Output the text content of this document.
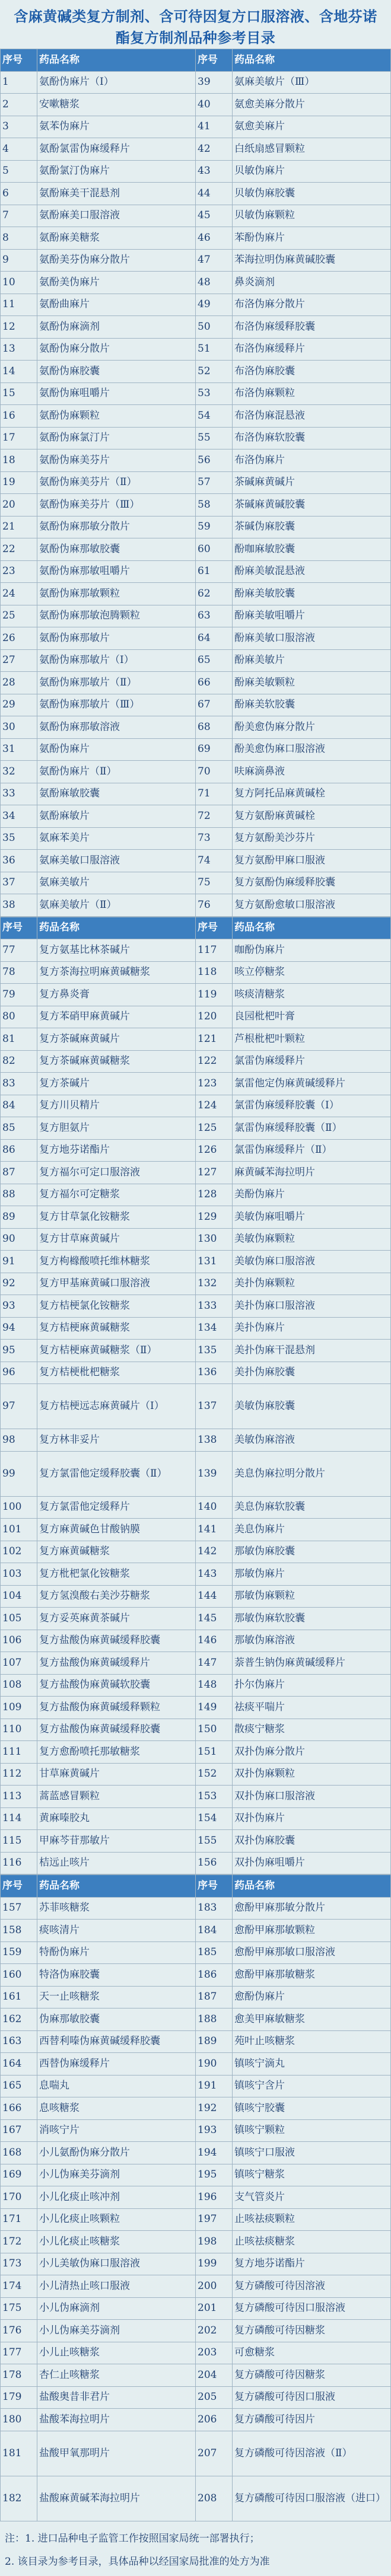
含麻黄碱类复方制剂、含可待因复方口服溶液、含地芬诺酯复方制剂品种参考目录
序号	药品名称	序号	药品名称
1	氨酚伪麻片（Ⅰ）	39	氨麻美敏片（Ⅲ）
2	安嗽糖浆	40	氨愈美麻分散片
3	氨苯伪麻片	41	氨愈美麻片
4	氨酚氯雷伪麻缓释片	42	白纸扇感冒颗粒
5	氨酚氯汀伪麻片	43	贝敏伪麻片
6	氨酚麻美干混悬剂	44	贝敏伪麻胶囊
7	氨酚麻美口服溶液	45	贝敏伪麻颗粒
8	氨酚麻美糖浆	46	苯酚伪麻片
9	氨酚美芬伪麻分散片	47	苯海拉明伪麻黄碱胶囊
10	氨酚美伪麻片	48	鼻炎滴剂
11	氨酚曲麻片	49	布洛伪麻分散片
12	氨酚伪麻滴剂	50	布洛伪麻缓释胶囊
13	氨酚伪麻分散片	51	布洛伪麻缓释片
14	氨酚伪麻胶囊	52	布洛伪麻胶囊
15	氨酚伪麻咀嚼片	53	布洛伪麻颗粒
16	氨酚伪麻颗粒	54	布洛伪麻混悬液
17	氨酚伪麻氯汀片	55	布洛伪麻软胶囊
18	氨酚伪麻美芬片	56	布洛伪麻片
19	氨酚伪麻美芬片（Ⅱ）	57	茶碱麻黄碱片
20	氨酚伪麻美芬片（Ⅲ）	58	茶碱麻黄碱胶囊
21	氨酚伪麻那敏分散片	59	茶碱伪麻胶囊
22	氨酚伪麻那敏胶囊	60	酚咖麻敏胶囊
23	氨酚伪麻那敏咀嚼片	61	酚麻美敏混悬液
24	氨酚伪麻那敏颗粒	62	酚麻美敏胶囊
25	氨酚伪麻那敏泡腾颗粒	63	酚麻美敏咀嚼片
26	氨酚伪麻那敏片	64	酚麻美敏口服溶液
27	氨酚伪麻那敏片（Ⅰ）	65	酚麻美敏片
28	氨酚伪麻那敏片（Ⅱ）	66	酚麻美敏颗粒
29	氨酚伪麻那敏片（Ⅲ）	67	酚麻美软胶囊
30	氨酚伪麻那敏溶液	68	酚美愈伪麻分散片
31	氨酚伪麻片	69	酚美愈伪麻口服溶液
32	氨酚伪麻片（Ⅱ）	70	呋麻滴鼻液
33	氨酚麻敏胶囊	71	复方阿托品麻黄碱栓
34	氨酚麻敏片	72	复方氨酚麻黄碱栓
35	氨麻苯美片	73	复方氨酚美沙芬片
36	氨麻美敏口服溶液	74	复方氨酚甲麻口服液
37	氨麻美敏片	75	复方氨酚伪麻缓释胶囊
38	氨麻美敏片（Ⅱ）	76	复方氨酚愈敏口服溶液
序号	药品名称	序号	药品名称
77	复方氨基比林茶碱片	117	咖酚伪麻片
78	复方茶海拉明麻黄碱糖浆	118	咳立停糖浆
79	复方鼻炎膏	119	咳痰清糖浆
80	复方苯硝甲麻黄碱片	120	良园枇杷叶膏
81	复方茶碱麻黄碱片	121	芦根枇杷叶颗粒
82	复方茶碱麻黄碱糖浆	122	氯雷伪麻缓释片
83	复方茶碱片	123	氯雷他定伪麻黄碱缓释片
84	复方川贝精片	124	氯雷伪麻缓释胶囊（Ⅰ）
85	复方胆氨片	125	氯雷伪麻缓释胶囊（Ⅱ）
86	复方地芬诺酯片	126	氯雷伪麻缓释片（Ⅱ）
87	复方福尔可定口服溶液	127	麻黄碱苯海拉明片
88	复方福尔可定糖浆	128	美酚伪麻片
89	复方甘草氯化铵糖浆	129	美敏伪麻咀嚼片
90	复方甘草麻黄碱片	130	美敏伪麻颗粒
91	复方枸橼酸喷托维林糖浆	131	美敏伪麻口服溶液
92	复方甲基麻黄碱口服溶液	132	美扑伪麻颗粒
93	复方桔梗氯化铵糖浆	133	美扑伪麻口服溶液
94	复方桔梗麻黄碱糖浆	134	美扑伪麻片
95	复方桔梗麻黄碱糖浆（Ⅱ）	135	美扑伪麻干混悬剂
96	复方桔梗枇杷糖浆	136	美扑伪麻胶囊
97	复方桔梗远志麻黄碱片（Ⅰ）	137	美敏伪麻胶囊
98	复方林非妥片	138	美敏伪麻溶液
99	复方氯雷他定缓释胶囊（Ⅱ）	139	美息伪麻拉明分散片
100	复方氯雷他定缓释片	140	美息伪麻软胶囊
101	复方麻黄碱色甘酸钠膜	141	美息伪麻片
102	复方麻黄碱糖浆	142	那敏伪麻胶囊
103	复方枇杷氯化铵糖浆	143	那敏伪麻片
104	复方氢溴酸右美沙芬糖浆	144	那敏伪麻颗粒
105	复方妥英麻黄茶碱片	145	那敏伪麻软胶囊
106	复方盐酸伪麻黄碱缓释胶囊	146	那敏伪麻溶液
107	复方盐酸伪麻黄碱缓释片	147	萘普生钠伪麻黄碱缓释片
108	复方盐酸伪麻黄碱软胶囊	148	扑尔伪麻片
109	复方盐酸伪麻黄碱缓释颗粒	149	祛痰平喘片
110	复方盐酸伪麻黄碱缓释胶囊	150	散痰宁糖浆
111	复方愈酚喷托那敏糖浆	151	双扑伪麻分散片
112	甘草麻黄碱片	152	双扑伪麻颗粒
113	蒿蓝感冒颗粒	153	双扑伪麻口服溶液
114	黄麻嗪胶丸	154	双扑伪麻片
115	甲麻芩苷那敏片	155	双扑伪麻胶囊
116	桔远止咳片	156	双扑伪麻咀嚼片
序号	药品名称	序号	药品名称
157	苏菲咳糖浆	183	愈酚甲麻那敏分散片
158	痰咳清片	184	愈酚甲麻那敏颗粒
159	特酚伪麻片	185	愈酚甲麻那敏口服溶液
160	特洛伪麻胶囊	186	愈酚甲麻那敏糖浆
161	天一止咳糖浆	187	愈酚伪麻片
162	伪麻那敏胶囊	188	愈美甲麻敏糖浆
163	西替利嗪伪麻黄碱缓释胶囊	189	苑叶止咳糖浆
164	西替伪麻缓释片	190	镇咳宁滴丸
165	息喘丸	191	镇咳宁含片
166	息咳糖浆	192	镇咳宁胶囊
167	消咳宁片	193	镇咳宁颗粒
168	小儿氨酚伪麻分散片	194	镇咳宁口服液
169	小儿伪麻美芬滴剂	195	镇咳宁糖浆
170	小儿化痰止咳冲剂	196	支气管炎片
171	小儿化痰止咳颗粒	197	止咳祛痰颗粒
172	小儿化痰止咳糖浆	198	止咳祛痰糖浆
173	小儿美敏伪麻口服溶液	199	复方地芬诺酯片
174	小儿清热止咳口服液	200	复方磷酸可待因溶液
175	小儿伪麻滴剂	201	复方磷酸可待因口服溶液
176	小儿伪麻美芬滴剂	202	复方磷酸可待因糖浆
177	小儿止咳糖浆	203	可愈糖浆
178	杏仁止咳糖浆	204	复方磷酸可待因糖浆
179	盐酸奥昔非君片	205	复方磷酸可待因口服液
180	盐酸苯海拉明片	206	复方磷酸可待因片
181	盐酸甲氧那明片	207	复方磷酸可待因溶液（Ⅱ）
182	盐酸麻黄碱苯海拉明片	208	复方磷酸可待因口服溶液（进口）
注：1. 进口品种电子监管工作按照国家局统一部署执行；
2. 该目录为参考目录，具体品种以经国家局批准的处方为准
